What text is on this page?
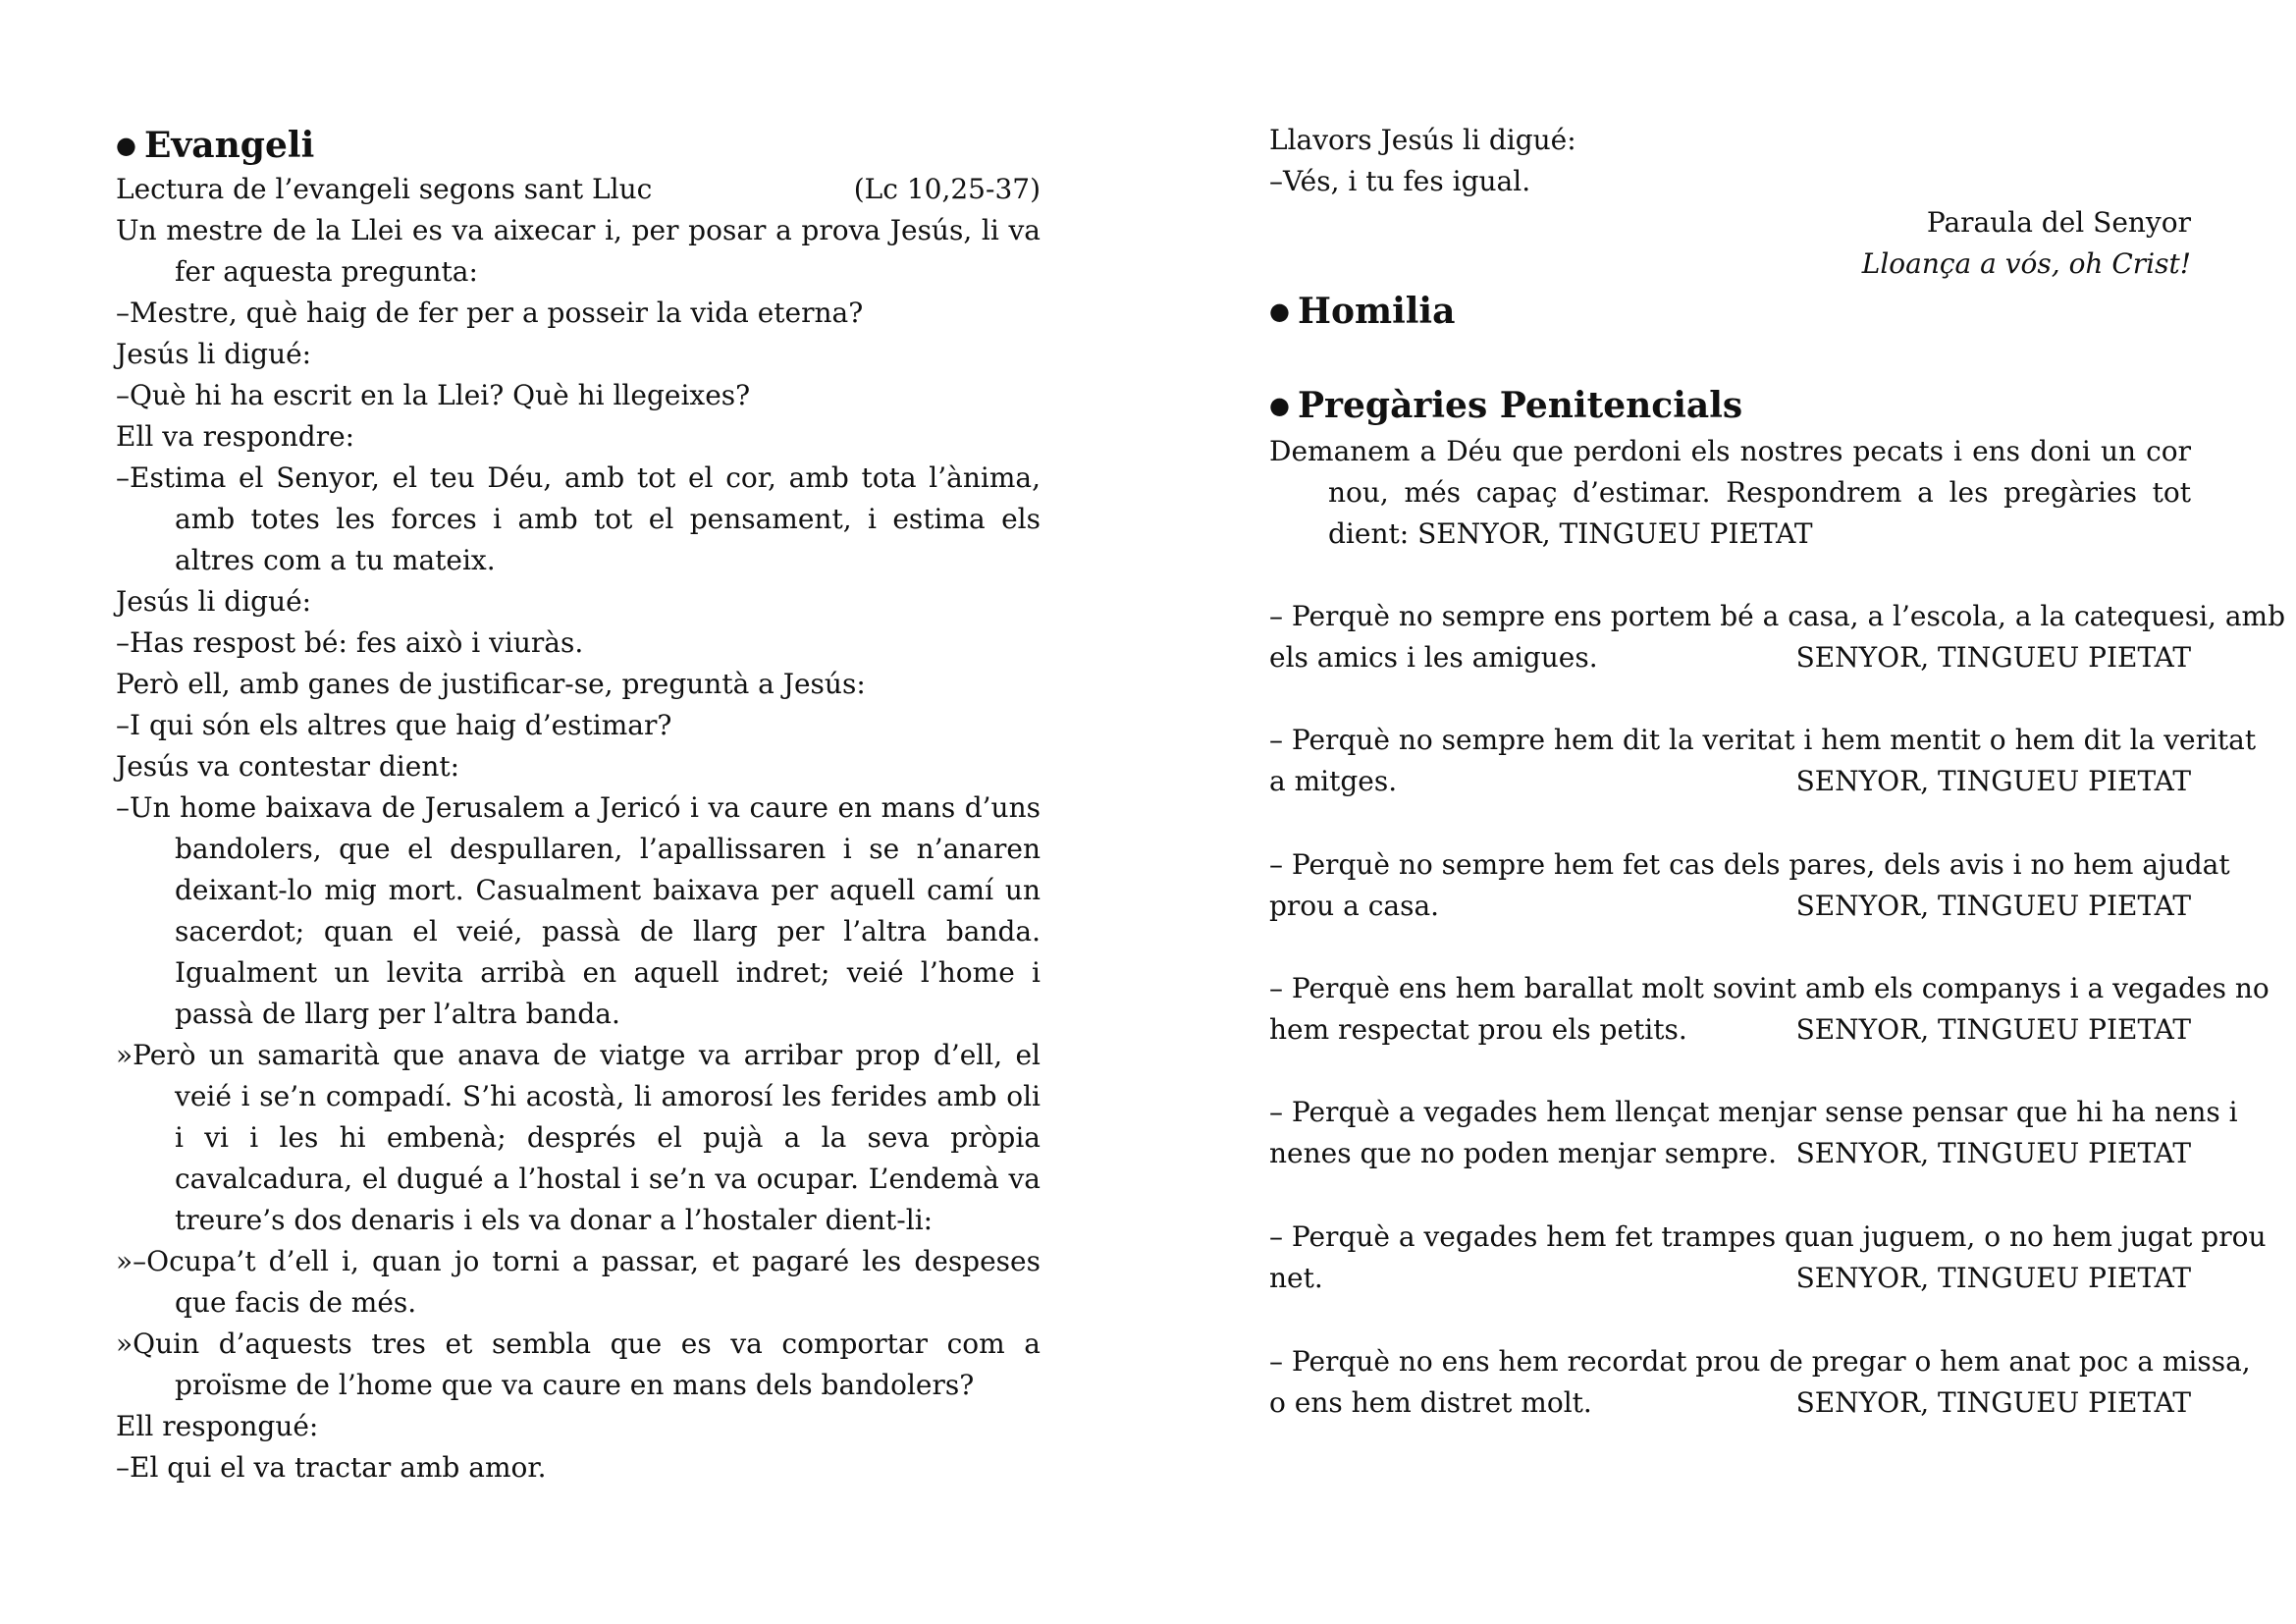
● Evangeli
Lectura de l’evangeli segons sant Lluc	(Lc 10,25-37)
Un mestre de la Llei es va aixecar i, per posar a prova Jesús, li va fer aquesta pregunta:
–Mestre, què haig de fer per a posseir la vida eterna?
Jesús li digué:
–Què hi ha escrit en la Llei? Què hi llegeixes?
Ell va respondre:
–Estima el Senyor, el teu Déu, amb tot el cor, amb tota l’ànima, amb totes les forces i amb tot el pensament, i estima els altres com a tu mateix.
Jesús li digué:
–Has respost bé: fes això i viuràs.
Però ell, amb ganes de justificar-se, preguntà a Jesús:
–I qui són els altres que haig d’estimar?
Jesús va contestar dient:
–Un home baixava de Jerusalem a Jericó i va caure en mans d’uns bandolers, que el despullaren, l’apallissaren i se n’anaren deixant-lo mig mort. Casualment baixava per aquell camí un sacerdot; quan el veié, passà de llarg per l’altra banda. Igualment un levita arribà en aquell indret; veié l’home i passà de llarg per l’altra banda.
»Però un samarità que anava de viatge va arribar prop d’ell, el veié i se’n compadí. S’hi acostà, li amorosí les ferides amb oli i vi i les hi embenà; després el pujà a la seva pròpia cavalcadura, el dugué a l’hostal i se’n va ocupar. L’endemà va treure’s dos denaris i els va donar a l’hostaler dient-li:
»–Ocupa’t d’ell i, quan jo torni a passar, et pagaré les despeses que facis de més.
»Quin d’aquests tres et sembla que es va comportar com a proïsme de l’home que va caure en mans dels bandolers?
Ell respongué:
–El qui el va tractar amb amor.
Llavors Jesús li digué:
–Vés, i tu fes igual.
Paraula del Senyor
Lloança a vós, oh Crist!
● Homilia
● Pregàries Penitencials
Demanem a Déu que perdoni els nostres pecats i ens doni un cor nou, més capaç d’estimar. Respondrem a les pregàries tot dient: SENYOR, TINGUEU PIETAT
– Perquè no sempre ens portem bé a casa, a l’escola, a la catequesi, amb
els amics i les amigues.	SENYOR, TINGUEU PIETAT
– Perquè no sempre hem dit la veritat i hem mentit o hem dit la veritat
a mitges.	SENYOR, TINGUEU PIETAT
– Perquè no sempre hem fet cas dels pares, dels avis i no hem ajudat
prou a casa.	SENYOR, TINGUEU PIETAT
– Perquè ens hem barallat molt sovint amb els companys i a vegades no
hem respectat prou els petits.	SENYOR, TINGUEU PIETAT
– Perquè a vegades hem llençat menjar sense pensar que hi ha nens i
nenes que no poden menjar sempre. SENYOR, TINGUEU PIETAT
– Perquè a vegades hem fet trampes quan juguem, o no hem jugat prou
net.	SENYOR, TINGUEU PIETAT
– Perquè no ens hem recordat prou de pregar o hem anat poc a missa,
o ens hem distret molt.	SENYOR, TINGUEU PIETAT
